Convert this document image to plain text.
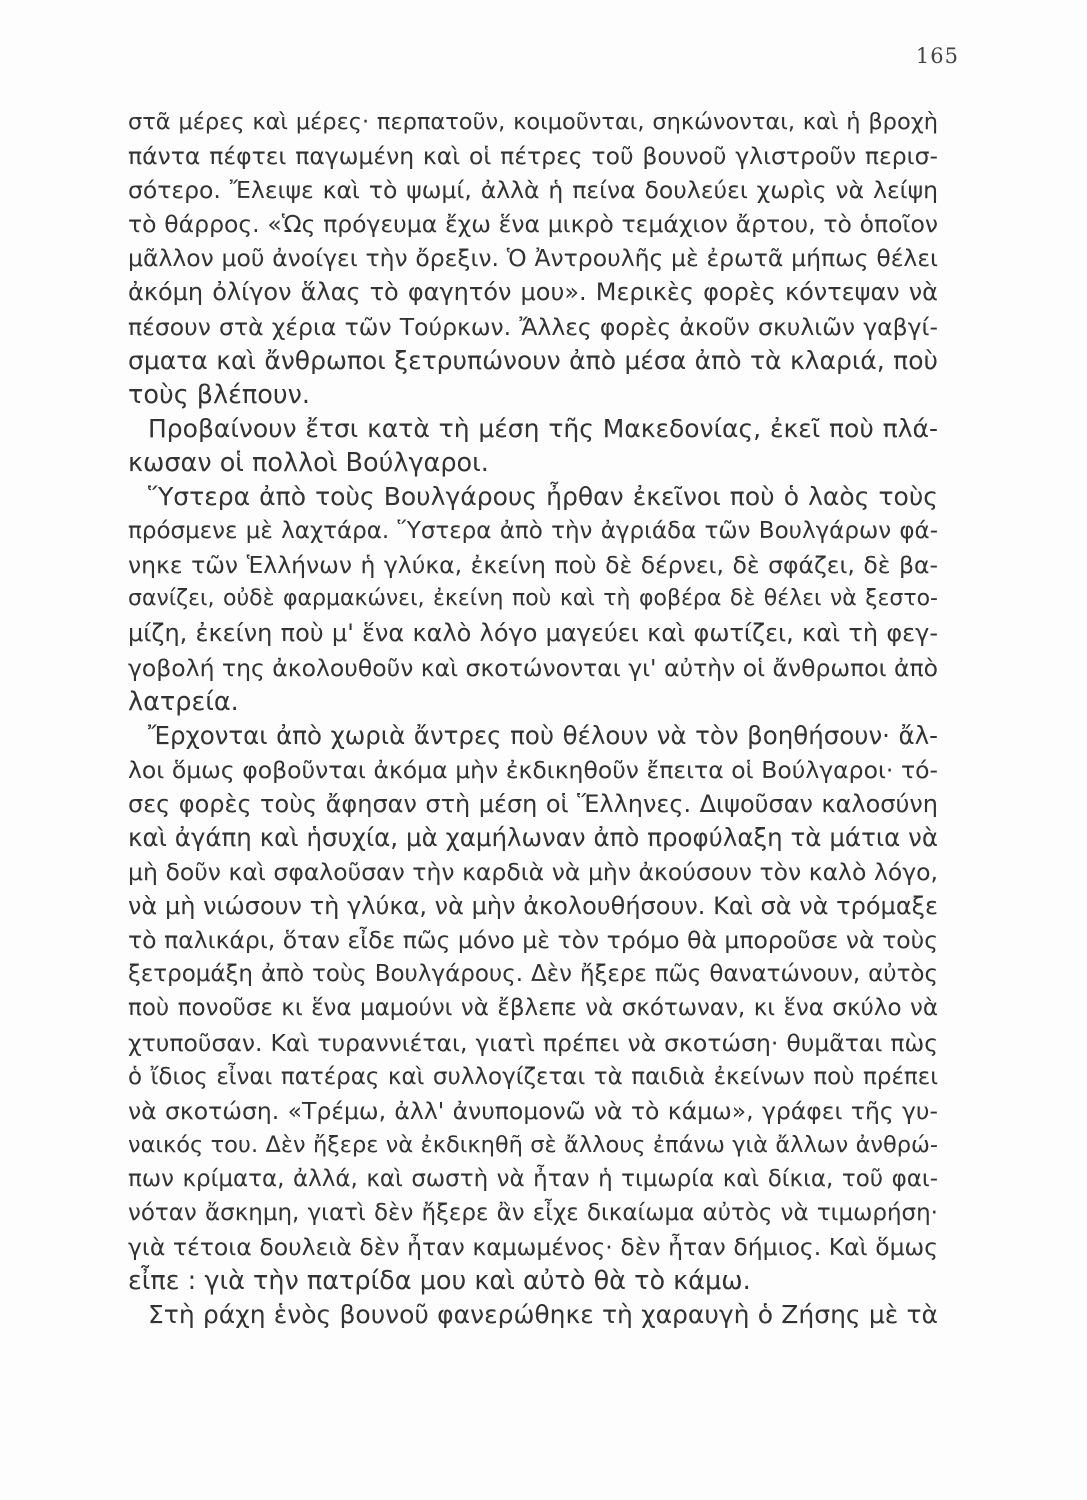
165
στᾶ μέρες καὶ μέρες· περπατοῦν, κοιμοῦνται, σηκώνονται, καὶ ἡ βροχὴ
πάντα πέφτει παγωμένη καὶ οἱ πέτρες τοῦ βουνοῦ γλιστροῦν περισ-
σότερο. Ἔλειψε καὶ τὸ ψωμί, ἀλλὰ ἡ πείνα δουλεύει χωρὶς νὰ λείψη
τὸ θάρρος. «Ὡς πρόγευμα ἔχω ἕνα μικρὸ τεμάχιον ἄρτου, τὸ ὁποῖον
μᾶλλον μοῦ ἀνοίγει τὴν ὄρεξιν. Ὁ Ἀντρουλῆς μὲ ἐρωτᾶ μήπως θέλει
ἀκόμη ὀλίγον ἅλας τὸ φαγητόν μου». Μερικὲς φορὲς κόντεψαν νὰ
πέσουν στὰ χέρια τῶν Τούρκων. Ἄλλες φορὲς ἀκοῦν σκυλιῶν γαβγί-
σματα καὶ ἄνθρωποι ξετρυπώνουν ἀπὸ μέσα ἀπὸ τὰ κλαριά, ποὺ
τοὺς βλέπουν.
Προβαίνουν ἔτσι κατὰ τὴ μέση τῆς Μακεδονίας, ἐκεῖ ποὺ πλά-
κωσαν οἱ πολλοὶ Βούλγαροι.
Ὕστερα ἀπὸ τοὺς Βουλγάρους ἦρθαν ἐκεῖνοι ποὺ ὁ λαὸς τοὺς
πρόσμενε μὲ λαχτάρα. Ὕστερα ἀπὸ τὴν ἀγριάδα τῶν Βουλγάρων φά-
νηκε τῶν Ἑλλήνων ἡ γλύκα, ἐκείνη ποὺ δὲ δέρνει, δὲ σφάζει, δὲ βα-
σανίζει, οὐδὲ φαρμακώνει, ἐκείνη ποὺ καὶ τὴ φοβέρα δὲ θέλει νὰ ξεστο-
μίζη, ἐκείνη ποὺ μ' ἕνα καλὸ λόγο μαγεύει καὶ φωτίζει, καὶ τὴ φεγ-
γοβολή της ἀκολουθοῦν καὶ σκοτώνονται γι' αὐτὴν οἱ ἄνθρωποι ἀπὸ
λατρεία.
Ἔρχονται ἀπὸ χωριὰ ἄντρες ποὺ θέλουν νὰ τὸν βοηθήσουν· ἄλ-
λοι ὅμως φοβοῦνται ἀκόμα μὴν ἐκδικηθοῦν ἔπειτα οἱ Βούλγαροι· τό-
σες φορὲς τοὺς ἄφησαν στὴ μέση οἱ Ἕλληνες. Διψοῦσαν καλοσύνη
καὶ ἀγάπη καὶ ἡσυχία, μὰ χαμήλωναν ἀπὸ προφύλαξη τὰ μάτια νὰ
μὴ δοῦν καὶ σφαλοῦσαν τὴν καρδιὰ νὰ μὴν ἀκούσουν τὸν καλὸ λόγο,
νὰ μὴ νιώσουν τὴ γλύκα, νὰ μὴν ἀκολουθήσουν. Καὶ σὰ νὰ τρόμαξε
τὸ παλικάρι, ὅταν εἶδε πῶς μόνο μὲ τὸν τρόμο θὰ μποροῦσε νὰ τοὺς
ξετρομάξη ἀπὸ τοὺς Βουλγάρους. Δὲν ἤξερε πῶς θανατώνουν, αὐτὸς
ποὺ πονοῦσε κι ἕνα μαμούνι νὰ ἔβλεπε νὰ σκότωναν, κι ἕνα σκύλο νὰ
χτυποῦσαν. Καὶ τυραννιέται, γιατὶ πρέπει νὰ σκοτώση· θυμᾶται πὼς
ὁ ἴδιος εἶναι πατέρας καὶ συλλογίζεται τὰ παιδιὰ ἐκείνων ποὺ πρέπει
νὰ σκοτώση. «Τρέμω, ἀλλ' ἀνυπομονῶ νὰ τὸ κάμω», γράφει τῆς γυ-
ναικός του. Δὲν ἤξερε νὰ ἐκδικηθῆ σὲ ἄλλους ἐπάνω γιὰ ἄλλων ἀνθρώ-
πων κρίματα, ἀλλά, καὶ σωστὴ νὰ ἦταν ἡ τιμωρία καὶ δίκια, τοῦ φαι-
νόταν ἄσκημη, γιατὶ δὲν ἤξερε ἂν εἶχε δικαίωμα αὐτὸς νὰ τιμωρήση·
γιὰ τέτοια δουλειὰ δὲν ἦταν καμωμένος· δὲν ἦταν δήμιος. Καὶ ὅμως
εἶπε : γιὰ τὴν πατρίδα μου καὶ αὐτὸ θὰ τὸ κάμω.
Στὴ ράχη ἑνὸς βουνοῦ φανερώθηκε τὴ χαραυγὴ ὁ Ζήσης μὲ τὰ
